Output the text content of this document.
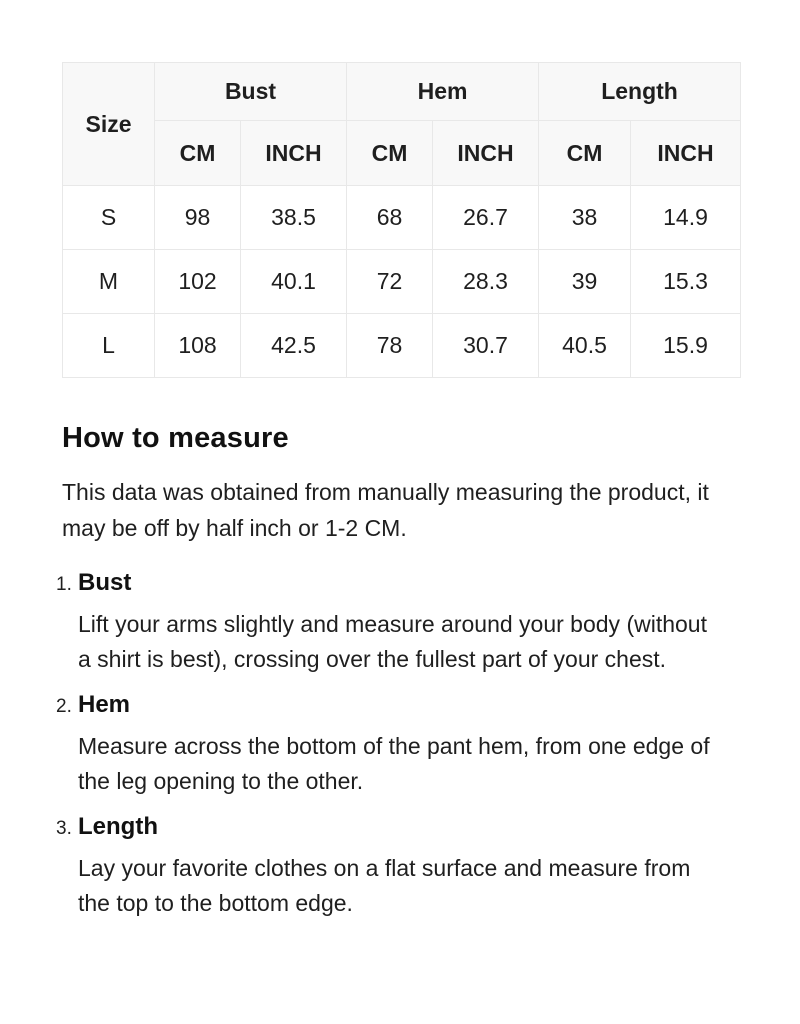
Size	Bust		Hem		Length	
	CM	INCH	CM	INCH	CM	INCH
S	98	38.5	68	26.7	38	14.9
M	102	40.1	72	28.3	39	15.3
L	108	42.5	78	30.7	40.5	15.9
How to measure

This data was obtained from manually measuring the product, it may be off by half inch or 1-2 CM.

1. Bust

Lift your arms slightly and measure around your body (without a shirt is best), crossing over the fullest part of your chest.

2. Hem

Measure across the bottom of the pant hem, from one edge of the leg opening to the other.

3. Length

Lay your favorite clothes on a flat surface and measure from the top to the bottom edge.
